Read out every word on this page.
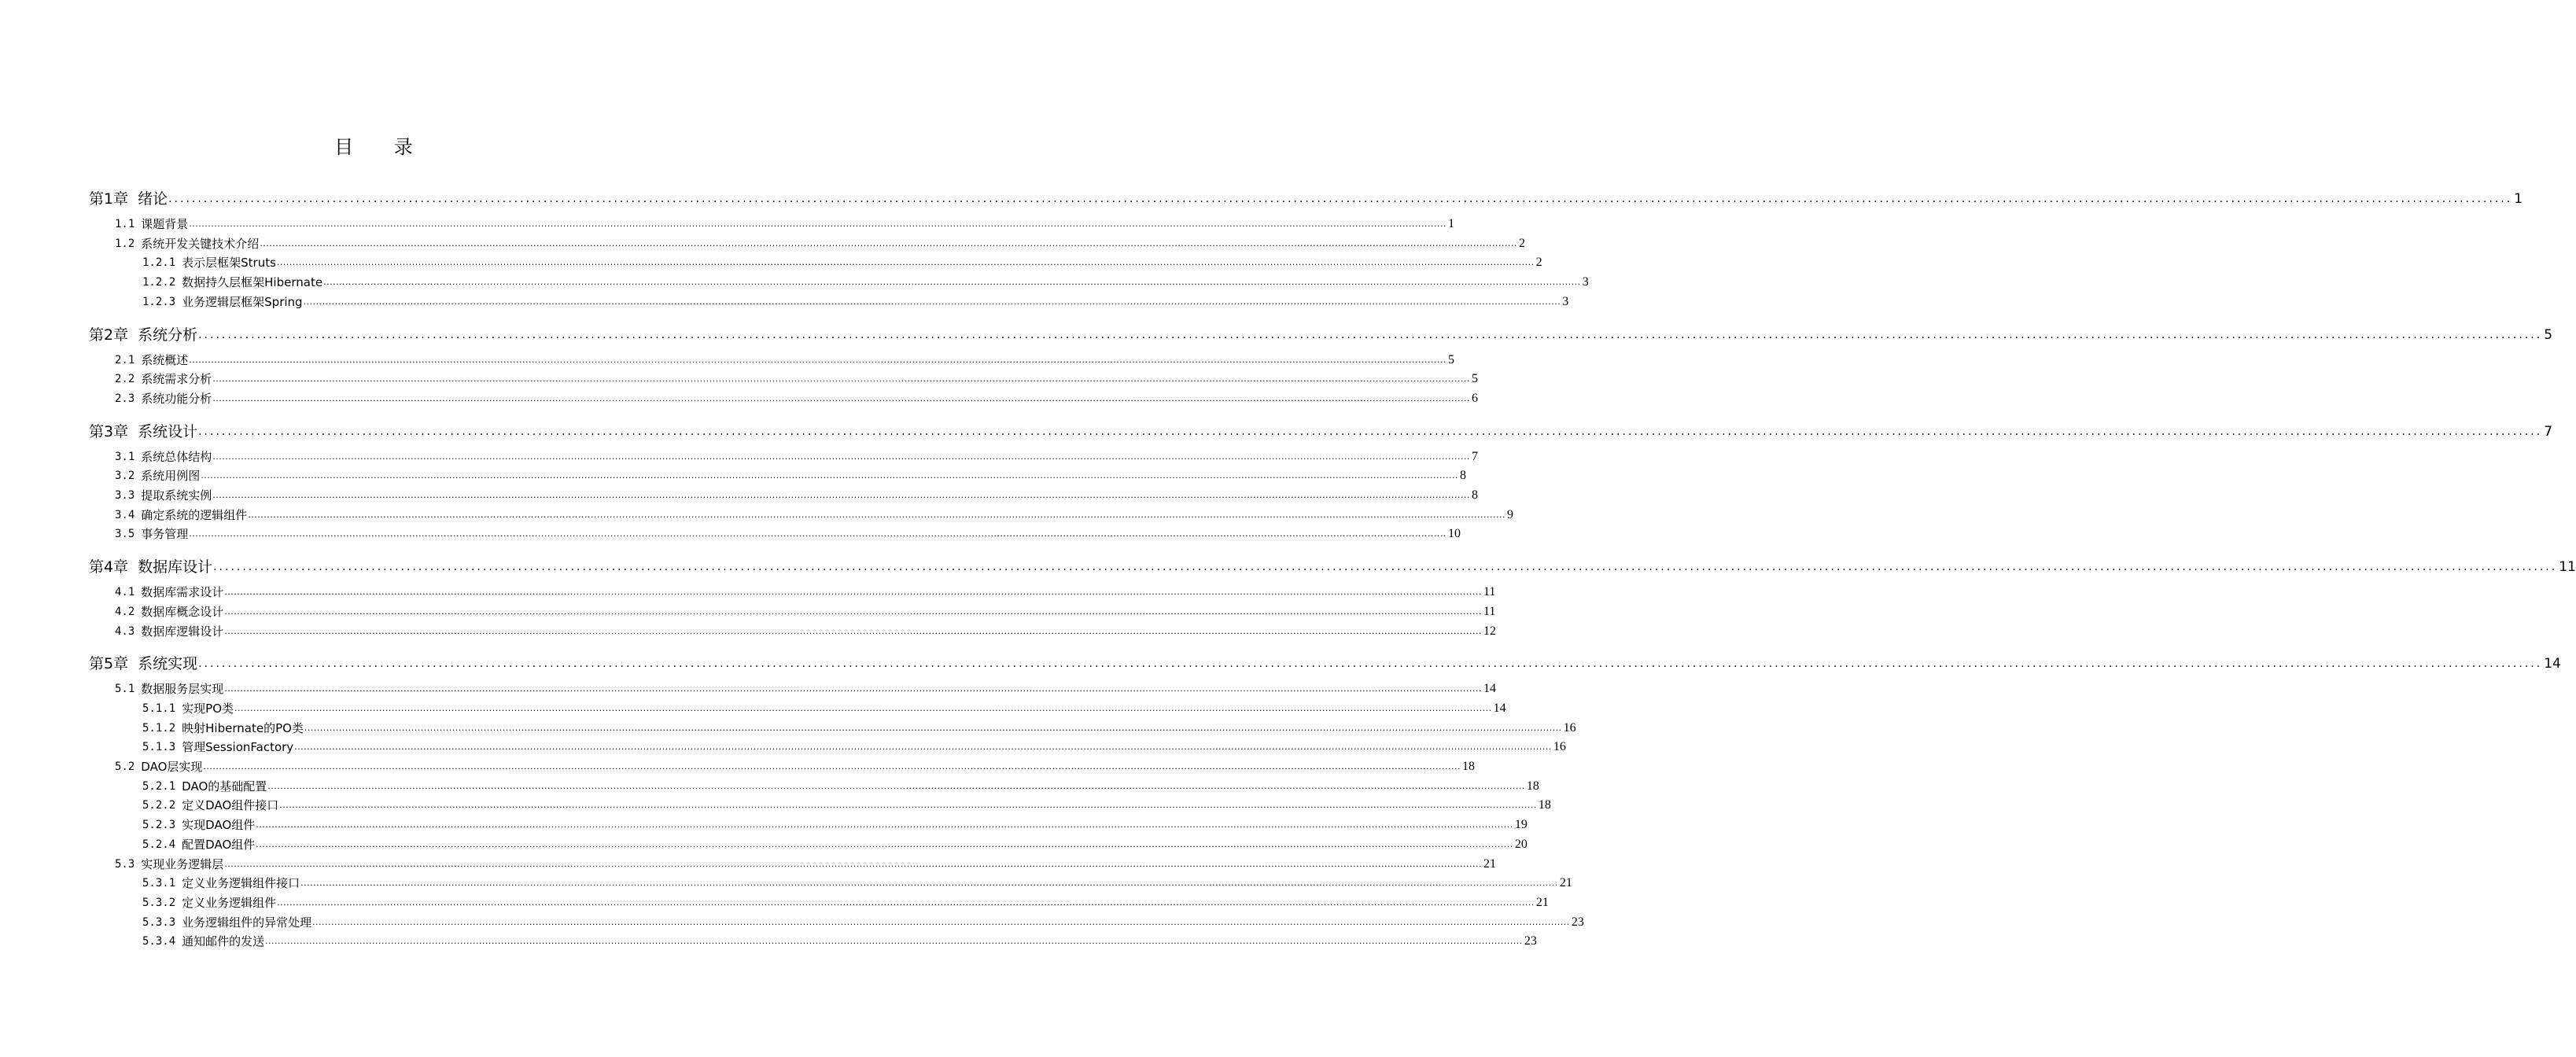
目 录
第1章 绪论 ................................................................................................................................................................................................................................................................................................................................................................................................................ 1
1.1 课题背景 ................................................................................................................................................................................................................................................................................................................................................................................................................ 1
1.2 系统开发关键技术介绍 ................................................................................................................................................................................................................................................................................................................................................................................................................ 2
1.2.1 表示层框架Struts ................................................................................................................................................................................................................................................................................................................................................................................................................ 2
1.2.2 数据持久层框架Hibernate ................................................................................................................................................................................................................................................................................................................................................................................................................ 3
1.2.3 业务逻辑层框架Spring ................................................................................................................................................................................................................................................................................................................................................................................................................ 3
第2章 系统分析 ................................................................................................................................................................................................................................................................................................................................................................................................................ 5
2.1 系统概述 ................................................................................................................................................................................................................................................................................................................................................................................................................ 5
2.2 系统需求分析 ................................................................................................................................................................................................................................................................................................................................................................................................................ 5
2.3 系统功能分析 ................................................................................................................................................................................................................................................................................................................................................................................................................ 6
第3章 系统设计 ................................................................................................................................................................................................................................................................................................................................................................................................................ 7
3.1 系统总体结构 ................................................................................................................................................................................................................................................................................................................................................................................................................ 7
3.2 系统用例图 ................................................................................................................................................................................................................................................................................................................................................................................................................ 8
3.3 提取系统实例 ................................................................................................................................................................................................................................................................................................................................................................................................................ 8
3.4 确定系统的逻辑组件 ................................................................................................................................................................................................................................................................................................................................................................................................................ 9
3.5 事务管理 ................................................................................................................................................................................................................................................................................................................................................................................................................ 10
第4章 数据库设计 ................................................................................................................................................................................................................................................................................................................................................................................................................ 11
4.1 数据库需求设计 ................................................................................................................................................................................................................................................................................................................................................................................................................ 11
4.2 数据库概念设计 ................................................................................................................................................................................................................................................................................................................................................................................................................ 11
4.3 数据库逻辑设计 ................................................................................................................................................................................................................................................................................................................................................................................................................ 12
第5章 系统实现 ................................................................................................................................................................................................................................................................................................................................................................................................................ 14
5.1 数据服务层实现 ................................................................................................................................................................................................................................................................................................................................................................................................................ 14
5.1.1 实现PO类 ................................................................................................................................................................................................................................................................................................................................................................................................................ 14
5.1.2 映射Hibernate的PO类 ................................................................................................................................................................................................................................................................................................................................................................................................................ 16
5.1.3 管理SessionFactory ................................................................................................................................................................................................................................................................................................................................................................................................................ 16
5.2 DAO层实现 ................................................................................................................................................................................................................................................................................................................................................................................................................ 18
5.2.1 DAO的基础配置 ................................................................................................................................................................................................................................................................................................................................................................................................................ 18
5.2.2 定义DAO组件接口 ................................................................................................................................................................................................................................................................................................................................................................................................................ 18
5.2.3 实现DAO组件 ................................................................................................................................................................................................................................................................................................................................................................................................................ 19
5.2.4 配置DAO组件 ................................................................................................................................................................................................................................................................................................................................................................................................................ 20
5.3 实现业务逻辑层 ................................................................................................................................................................................................................................................................................................................................................................................................................ 21
5.3.1 定义业务逻辑组件接口 ................................................................................................................................................................................................................................................................................................................................................................................................................ 21
5.3.2 定义业务逻辑组件 ................................................................................................................................................................................................................................................................................................................................................................................................................ 21
5.3.3 业务逻辑组件的异常处理 ................................................................................................................................................................................................................................................................................................................................................................................................................ 23
5.3.4 通知邮件的发送 ................................................................................................................................................................................................................................................................................................................................................................................................................ 23
